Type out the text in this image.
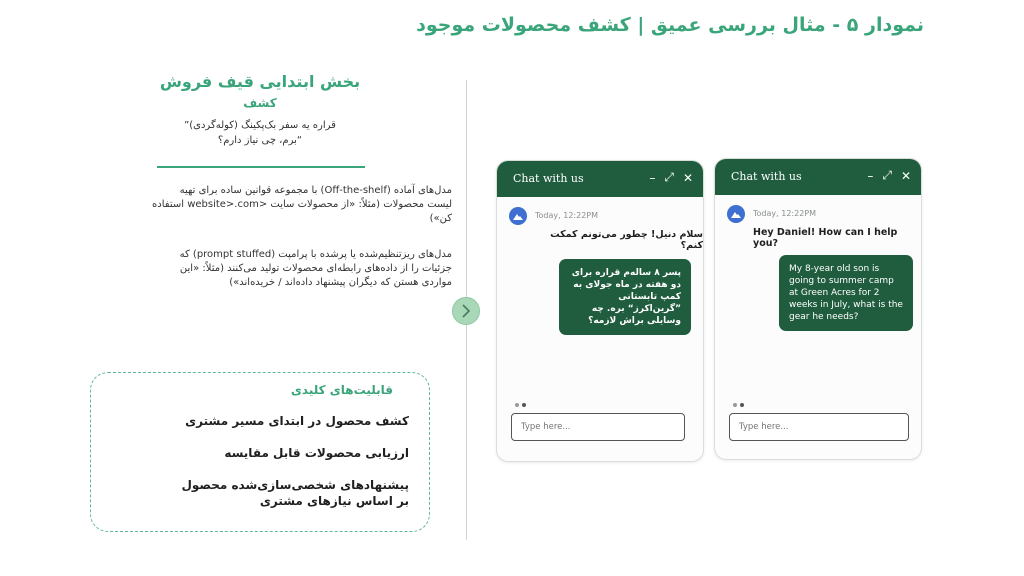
نمودار ۵ - مثال بررسی عمیق | کشف محصولات موجود
بخش ابتدایی قیف فروش
کشف
قراره یه سفر بک‌پکینگ (کوله‌گردی)”
“برم، چی نیاز دارم؟
مدل‌های آماده (Off-the-shelf) با مجموعه قوانین ساده برای تهیه لیست محصولات (مثلاً: «از محصولات سایت <website>.com استفاده کن»)
مدل‌های ریزتنظیم‌شده یا پرشده با پرامپت (prompt stuffed) که جزئیات را از داده‌های رابطه‌ای محصولات تولید می‌کنند (مثلاً: «این مواردی هستن که دیگران پیشنهاد داده‌اند / خریده‌اند»)
قابلیت‌های کلیدی
کشف محصول در ابتدای مسیر مشتری
ارزیابی محصولات قابل مقایسه
پیشنهادهای شخصی‌سازی‌شده محصول بر اساس نیازهای مشتری
Chat with us	– ⤢ ✕
Today, 12:22PM
سلام دنیل! چطور می‌تونم کمکت کنم؟
پسر ۸ ساله‌م قراره برای دو هفته در ماه جولای به کمپ تابستانی ”گرین‌اکرز“ بره. چه وسایلی براش لازمه؟
Type here...
Chat with us	– ⤢ ✕
Today, 12:22PM
Hey Daniel! How can I help you?
My 8-year old son is going to summer camp at Green Acres for 2 weeks in July, what is the gear he needs?
Type here...
